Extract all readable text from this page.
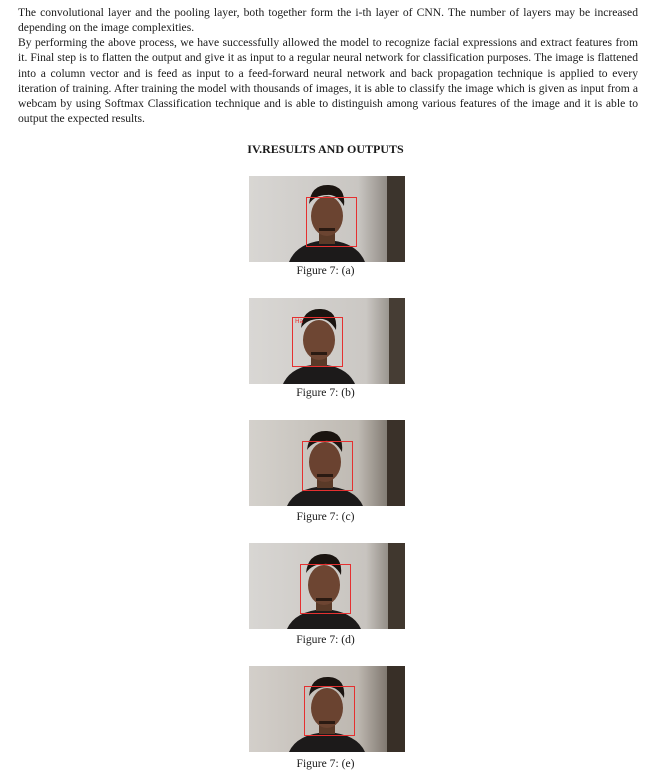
The convolutional layer and the pooling layer, both together form the i-th layer of CNN. The number of layers may be increased depending on the image complexities.

By performing the above process, we have successfully allowed the model to recognize facial expressions and extract features from it. Final step is to flatten the output and give it as input to a regular neural network for classification purposes. The image is flattened into a column vector and is feed as input to a feed-forward neural network and back propagation technique is applied to every iteration of training. After training the model with thousands of images, it is able to classify the image which is given as input from a webcam by using Softmax Classification technique and is able to distinguish among various features of the image and it is able to output the expected results.

IV.RESULTS AND OUTPUTS
Figure 7: (a)
Ha
Figure 7: (b)
Figure 7: (c)
Figure 7: (d)
Figure 7: (e)
